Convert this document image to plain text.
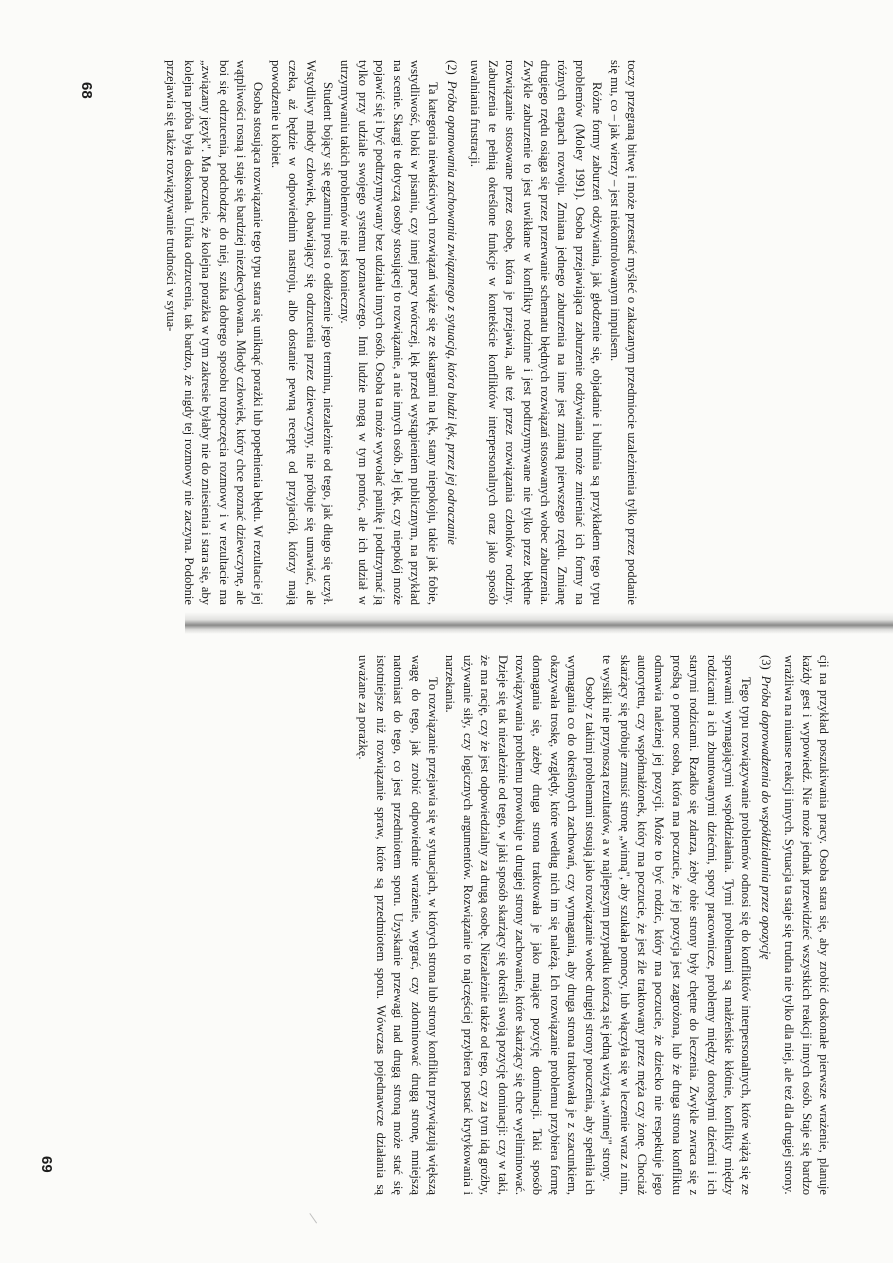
toczy przegraną bitwę i może przestać myśleć o zakazanym przedmiocie uzależnienia tylko przez poddanie się mu, co – jak wierzy – jest niekontrolowanym impulsem.

Różne formy zaburzeń odżywiania, jak głodzenie się, objadanie i bulimia są przykładem tego typu problemów (Moley 1991). Osoba przejawiająca zaburzenie odżywiania może zmieniać ich formy na różnych etapach rozwoju. Zmiana jednego zaburzenia na inne jest zmianą pierwszego rzędu. Zmianę drugiego rzędu osiąga się przez przerwanie schematu błędnych rozwiązań stosowanych wobec zaburzenia. Zwykle zaburzenie to jest uwikłane w konflikty rodzinne i jest podtrzymywane nie tylko przez błędne rozwiązanie stosowane przez osobę, która je przejawia, ale też przez rozwiązania członków rodziny. Zaburzenia te pełnią określone funkcje w kontekście konfliktów interpersonalnych oraz jako sposób uwalniania frustracji.

(2)Próba opanowania zachowania związanego z sytuacją, która budzi lęk, przez jej odraczanie

Ta kategoria niewłaściwych rozwiązań wiąże się ze skargami na lęk, stany niepokoju, takie jak fobie, wstydliwość, bloki w pisaniu, czy innej pracy twórczej, lęk przed wystąpieniem publicznym, na przykład na scenie. Skargi te dotyczą osoby stosującej to rozwiązanie, a nie innych osób. Jej lęk, czy niepokój może pojawić się i być podtrzymywany bez udziału innych osób. Osoba ta może wywołać panikę i podtrzymać ją tylko przy udziale swojego systemu poznawczego. Inni ludzie mogą w tym pomóc, ale ich udział w utrzymywaniu takich problemów nie jest konieczny.

Student bojący się egzaminu prosi o odłożenie jego terminu, niezależnie od tego, jak długo się uczył. Wstydliwy młody człowiek, obawiający się odrzucenia przez dziewczyny, nie próbuje się umawiać, ale czeka, aż będzie w odpowiednim nastroju, albo dostanie pewną receptę od przyjaciół, którzy mają powodzenie u kobiet.

Osoba stosująca rozwiązanie tego typu stara się uniknąć porażki lub popełnienia błędu. W rezultacie jej wątpliwości rosną i staje się bardziej niezdecydowana. Młody człowiek, który chce poznać dziewczynę, ale boi się odrzucenia, podchodząc do niej, szuka dobrego sposobu rozpoczęcia rozmowy i w rezultacie ma „związany język". Ma poczucie, że kolejna porażka w tym zakresie byłaby nie do zniesienia i stara się, aby kolejna próba była doskonała. Unika odrzucenia, tak bardzo, że nigdy tej rozmowy nie zaczyna. Podobnie przejawia się także rozwiązywanie trudności w sytua-

cji na przykład poszukiwania pracy. Osoba stara się, aby zrobić doskonałe pierwsze wrażenie, planuje każdy gest i wypowiedź. Nie może jednak przewidzieć wszystkich reakcji innych osób. Staje się bardzo wrażliwa na niuanse reakcji innych. Sytuacja ta staje się trudna nie tylko dla niej, ale też dla drugiej strony.

(3)Próba doprowadzenia do współdziałania przez opozycję

Tego typu rozwiązywanie problemów odnosi się do konfliktów interpersonalnych, które wiążą się ze sprawami wymagającymi współdziałania. Tymi problemami są małżeńskie kłótnie, konflikty między rodzicami a ich zbuntowanymi dziećmi, spory pracownicze, problemy między dorosłymi dziećmi i ich starymi rodzicami. Rzadko się zdarza, żeby obie strony były chętne do leczenia. Zwykle zwraca się z prośbą o pomoc osoba, która ma poczucie, że jej pozycja jest zagrożona, lub że druga strona konfliktu odmawia należnej jej pozycji. Może to być rodzic, który ma poczucie, że dziecko nie respektuje jego autorytetu, czy współmałżonek, który ma poczucie, że jest źle traktowany przez męża czy żonę. Chociaż skarżący się próbuje zmusić stronę „winną", aby szukała pomocy, lub włączyła się w leczenie wraz z nim, te wysiłki nie przynoszą rezultatów, a w najlepszym przypadku kończą się jedną wizytą „winnej" strony.

Osoby z takimi problemami stosują jako rozwiązanie wobec drugiej strony pouczenia, aby spełniła ich wymagania co do określonych zachowań, czy wymagania, aby druga strona traktowała je z szacunkiem, okazywała troskę, względy, które według nich im się należą. Ich rozwiązanie problemu przybiera formę domagania się, ażeby druga strona traktowała je jako mające pozycję dominacji. Taki sposób rozwiązywania problemu prowokuje u drugiej strony zachowanie, które skarżący się chce wyeliminować. Dzieje się tak niezależnie od tego, w jaki sposób skarżący się określi swoją pozycję dominacji: czy w taki, że ma rację, czy że jest odpowiedzialny za drugą osobę. Niezależnie także od tego, czy za tym idą groźby, używanie siły, czy logicznych argumentów. Rozwiązanie to najczęściej przybiera postać krytykowania i narzekania.

To rozwiązanie przejawia się w sytuacjach, w których strona lub strony konfliktu przywiązują większą wagę do tego, jak zrobić odpowiednie wrażenie, wygrać, czy zdominować drugą stronę, mniejszą natomiast do tego, co jest przedmiotem sporu. Uzyskanie przewagi nad drugą stroną może stać się istotniejsze niż rozwiązanie spraw, które są przedmiotem sporu. Wówczas pojednawcze działania są uważane za porażkę.

68
69
